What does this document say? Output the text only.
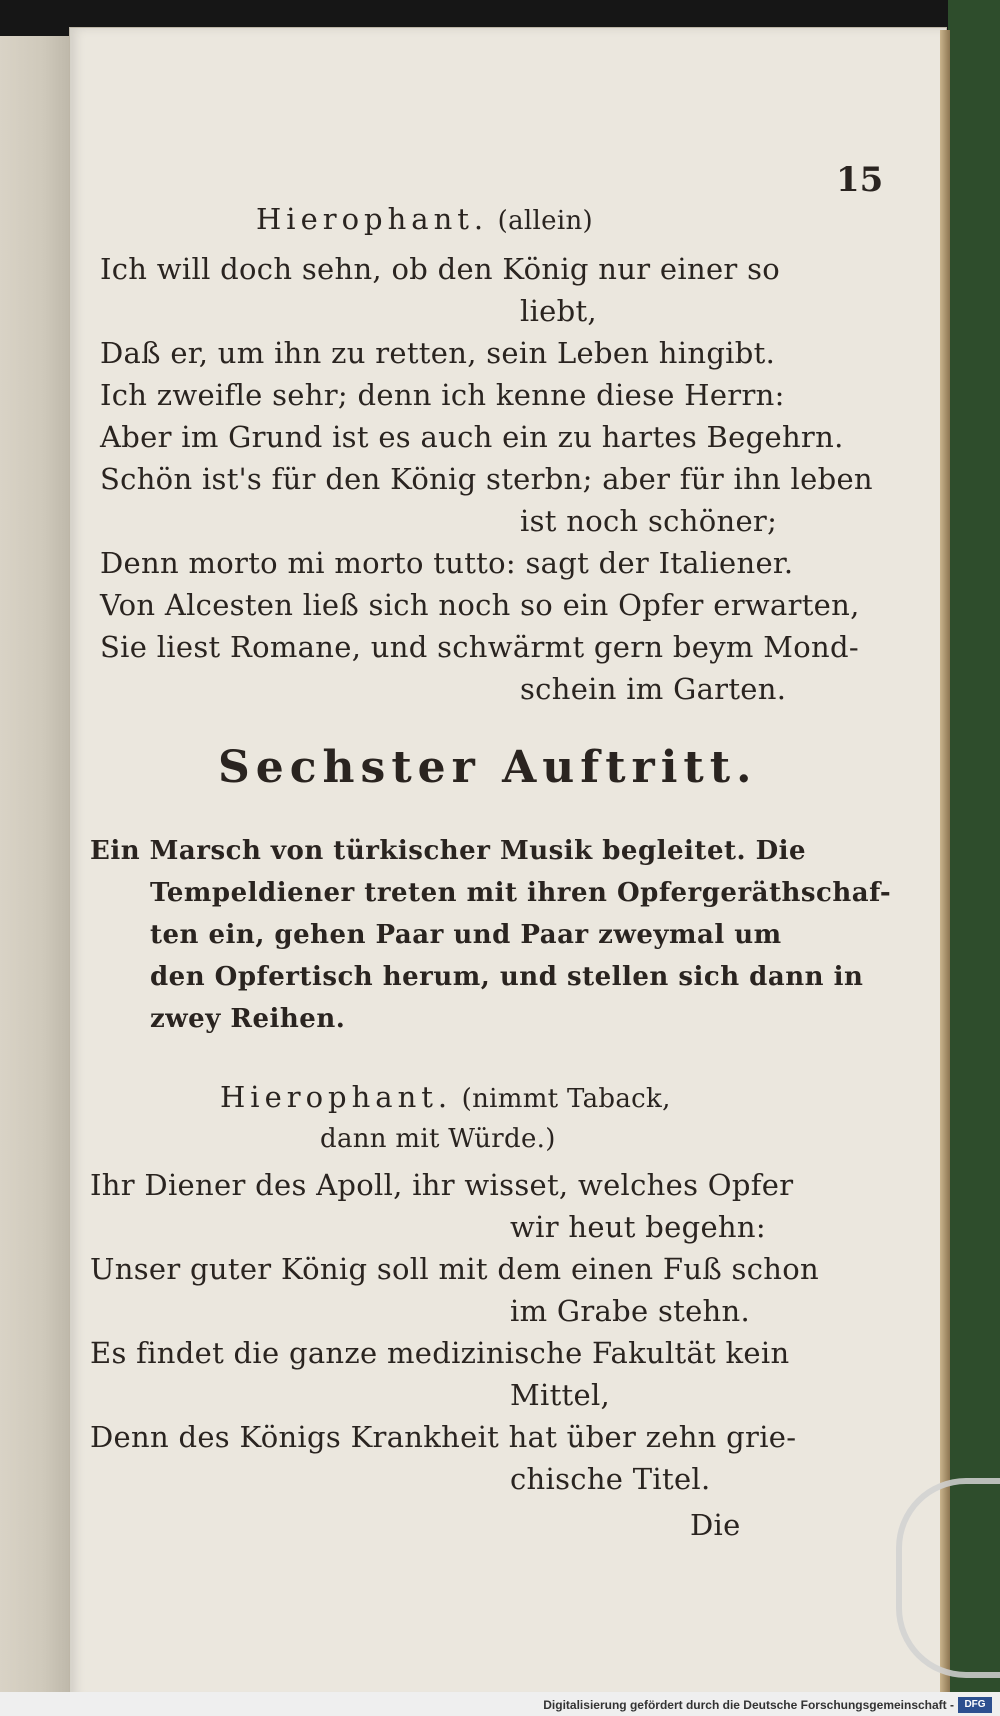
15
Hierophant. (allein)
Ich will doch sehn, ob den König nur einer so
liebt,
Daß er, um ihn zu retten, sein Leben hingibt.
Ich zweifle sehr; denn ich kenne diese Herrn:
Aber im Grund ist es auch ein zu hartes Begehrn.
Schön ist's für den König sterbn; aber für ihn leben
ist noch schöner;
Denn morto mi morto tutto: sagt der Italiener.
Von Alcesten ließ sich noch so ein Opfer erwarten,
Sie liest Romane, und schwärmt gern beym Mond-
schein im Garten.
Sechster Auftritt.
Ein Marsch von türkischer Musik begleitet. Die
Tempeldiener treten mit ihren Opfergeräthschaf-
ten ein, gehen Paar und Paar zweymal um
den Opfertisch herum, und stellen sich dann in
zwey Reihen.
Hierophant. (nimmt Taback,
dann mit Würde.)
Ihr Diener des Apoll, ihr wisset, welches Opfer
wir heut begehn:
Unser guter König soll mit dem einen Fuß schon
im Grabe stehn.
Es findet die ganze medizinische Fakultät kein
Mittel,
Denn des Königs Krankheit hat über zehn grie-
chische Titel.
Die
Digitalisierung gefördert durch die Deutsche Forschungsgemeinschaft -	DFG
